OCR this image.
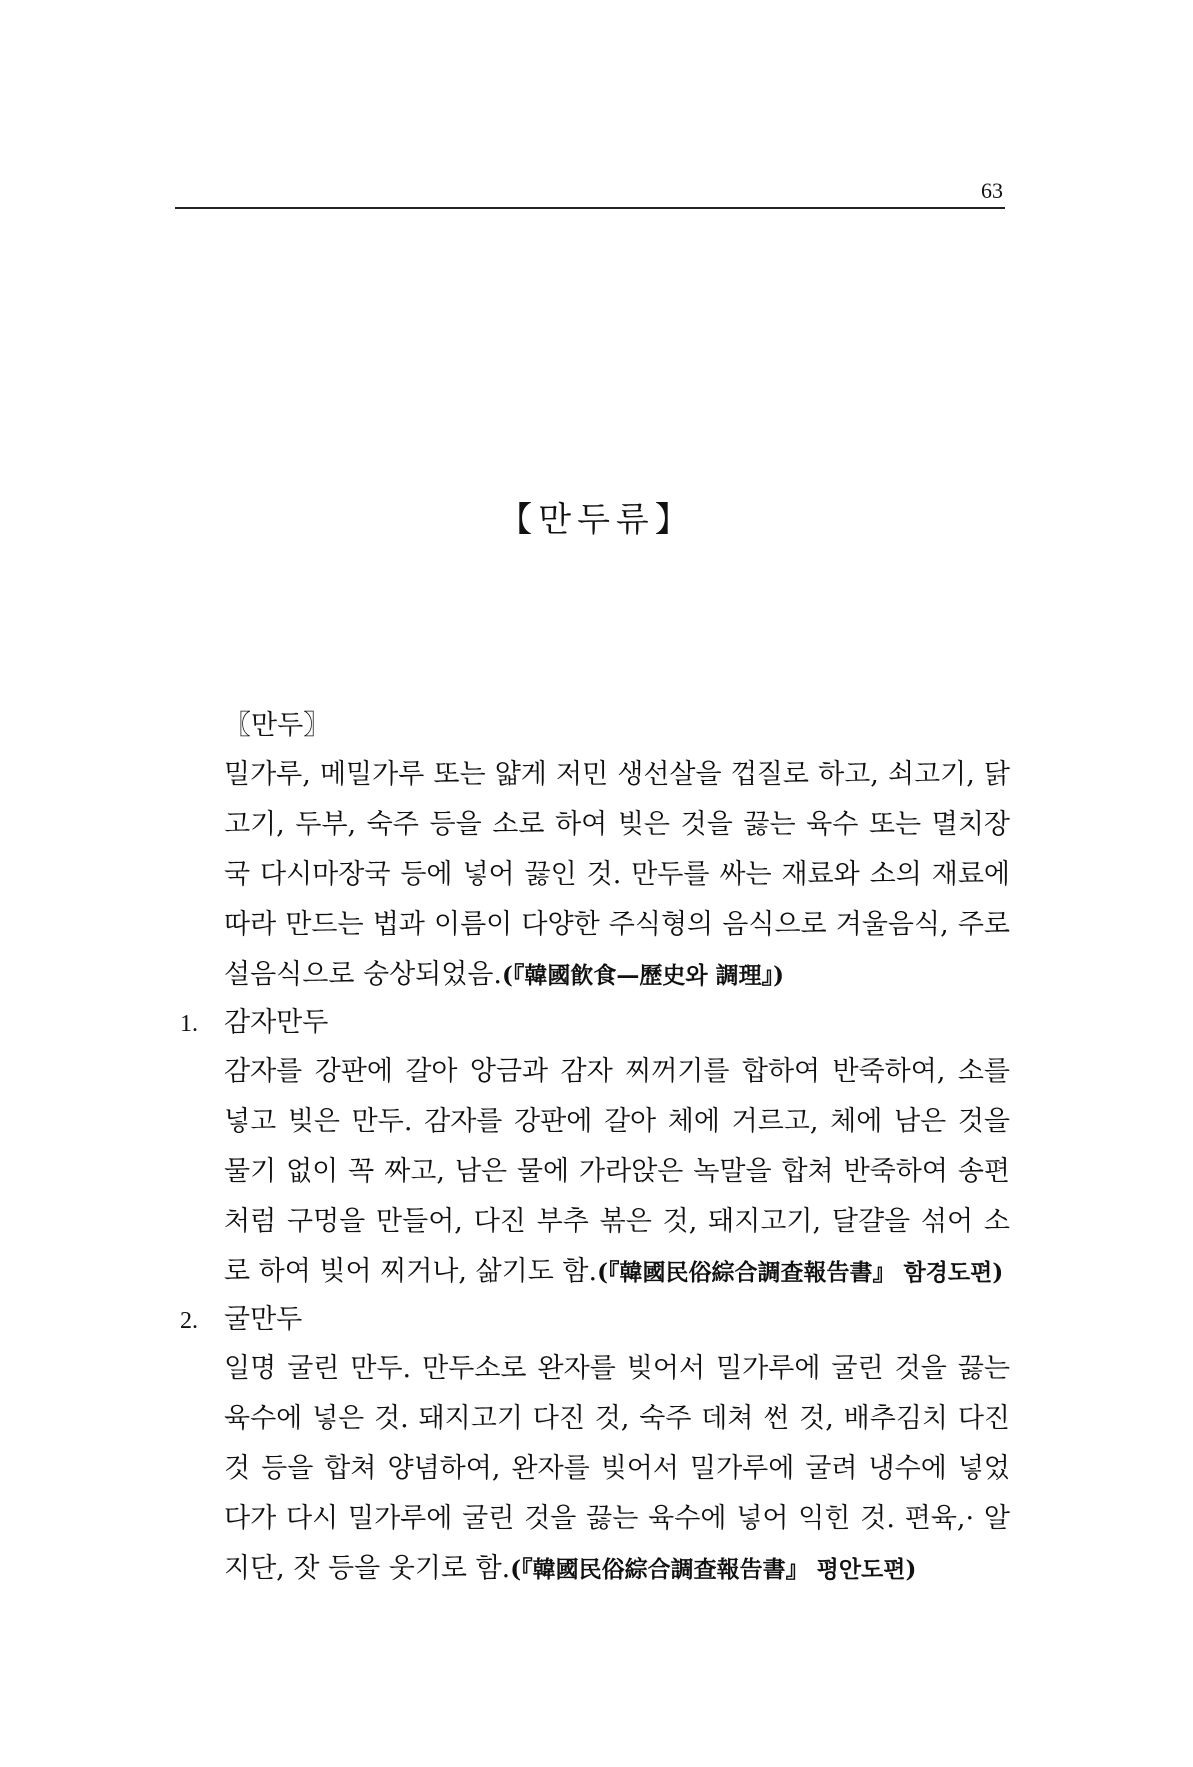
63
【만두류】
〖만두〗
밀가루, 메밀가루 또는 얇게 저민 생선살을 껍질로 하고, 쇠고기, 닭고기, 두부, 숙주 등을 소로 하여 빚은 것을 끓는 육수 또는 멸치장국 다시마장국 등에 넣어 끓인 것. 만두를 싸는 재료와 소의 재료에 따라 만드는 법과 이름이 다양한 주식형의 음식으로 겨울음식, 주로 설음식으로 숭상되었음.(『韓國飮食—歷史와 調理』)
1. 감자만두
감자를 강판에 갈아 앙금과 감자 찌꺼기를 합하여 반죽하여, 소를 넣고 빚은 만두. 감자를 강판에 갈아 체에 거르고, 체에 남은 것을 물기 없이 꼭 짜고, 남은 물에 가라앉은 녹말을 합쳐 반죽하여 송편처럼 구멍을 만들어, 다진 부추 볶은 것, 돼지고기, 달걀을 섞어 소로 하여 빚어 찌거나, 삶기도 함.(『韓國民俗綜合調查報告書』 함경도편)
2. 굴만두
일명 굴린 만두. 만두소로 완자를 빚어서 밀가루에 굴린 것을 끓는 육수에 넣은 것. 돼지고기 다진 것, 숙주 데쳐 썬 것, 배추김치 다진 것 등을 합쳐 양념하여, 완자를 빚어서 밀가루에 굴려 냉수에 넣었다가 다시 밀가루에 굴린 것을 끓는 육수에 넣어 익힌 것. 편육,· 알지단, 잣 등을 웃기로 함.(『韓國民俗綜合調查報告書』 평안도편)
